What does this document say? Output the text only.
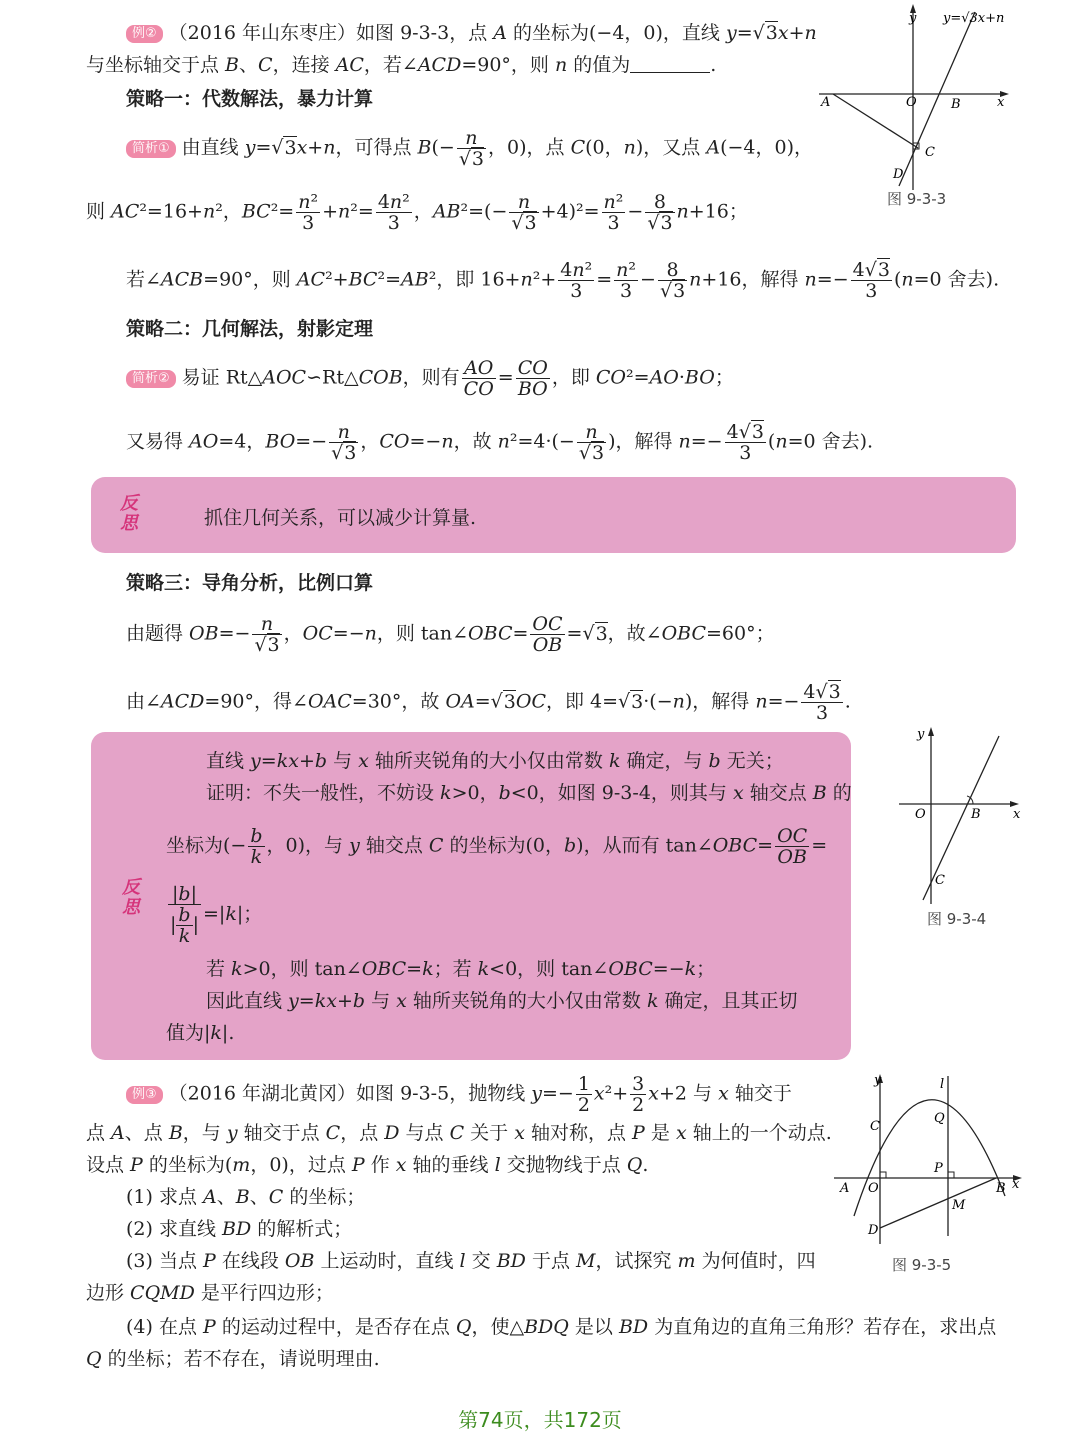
例② （2016 年山东枣庄）如图 9-3-3，点 A 的坐标为(−4，0)，直线 y=√3x+n
与坐标轴交于点 B、C，连接 AC，若∠ACD=90°，则 n 的值为	.
策略一：代数解法，暴力计算
简析① 由直线 y=√3x+n，可得点 $B(- \frac{n}{√3}$ ，0)，点 C(0，n)，又点 A(−4，0)，
则 AC²=16+n²，$BC^2= \frac{\text{n²}}{3} +n^2= \frac{\text{4n²}}{3}$ ，$AB^2=(- \frac{n}{√3} +4)^2= \frac{\text{n²}}{3} - \frac{8}{√3} n+16$；
若∠ACB=90°，则 AC²+BC²=AB²，即 $16+n^2+ \frac{\text{4n²}}{3} = \frac{\text{n²}}{3} - \frac{8}{√3} n+16$，解得 $n=- \frac{4√3}{3} (n=0$ 舍去).
策略二：几何解法，射影定理
简析② 易证 Rt△AOC∽Rt△COB，则有 $\frac{AO}{CO} = \frac{CO}{BO}$ ，即 CO²=AO·BO；
又易得 AO=4，$BO=- \frac{n}{√3}$ ，CO=−n，故 $n^2=4\cdot(- \frac{n}{√3}$ )，解得 $n=- \frac{4√3}{3} (n=0$ 舍去).
y y=√3x+n
x
A	O	B
C
D
图 9-3-3
反
思	抓住几何关系，可以减少计算量.
策略三：导角分析，比例口算
由题得 $OB=- \frac{n}{√3}$ ，OC=−n，则 tan∠OBC= $\frac{OC}{OB} =√3$，故∠OBC=60°；
由∠ACD=90°，得∠OAC=30°，故 OA=√3OC，即 4=√3·(−n)，解得 $n=- \frac{4√3}{3}$ .
反
思
直线 y=kx+b 与 x 轴所夹锐角的大小仅由常数 k 确定，与 b 无关；
证明：不失一般性，不妨设 k>0，b<0，如图 9-3-4，则其与 x 轴交点 B 的
坐标为(− $\frac{b}{k}$ ，0)，与 y 轴交点 C 的坐标为(0，b)，从而有 tan∠OBC= $\frac{OC}{OB}$ =
$\frac{|b|}{| \frac{b}{k} |} =|k|$；
若 k>0，则 tan∠OBC=k；若 k<0，则 tan∠OBC=−k；
因此直线 y=kx+b 与 x 轴所夹锐角的大小仅由常数 k 确定，且其正切
值为|k|.
y
x
O	B
C
图 9-3-4
例③ （2016 年湖北黄冈）如图 9-3-5，抛物线 $y=- \frac{1}{2} x^2+ \frac{3}{2} x+2$ 与 x 轴交于
点 A、点 B，与 y 轴交于点 C，点 D 与点 C 关于 x 轴对称，点 P 是 x 轴上的一个动点.
设点 P 的坐标为(m，0)，过点 P 作 x 轴的垂线 l 交抛物线于点 Q.
(1) 求点 A、B、C 的坐标；
(2) 求直线 BD 的解析式；
(3) 当点 P 在线段 OB 上运动时，直线 l 交 BD 于点 M，试探究 m 为何值时，四
边形 CQMD 是平行四边形；
(4) 在点 P 的运动过程中，是否存在点 Q，使△BDQ 是以 BD 为直角边的直角三角形？若存在，求出点
Q 的坐标；若不存在，请说明理由.
y	l
C
Q
P
A O	B x
M
D
图 9-3-5
第74页，共172页
